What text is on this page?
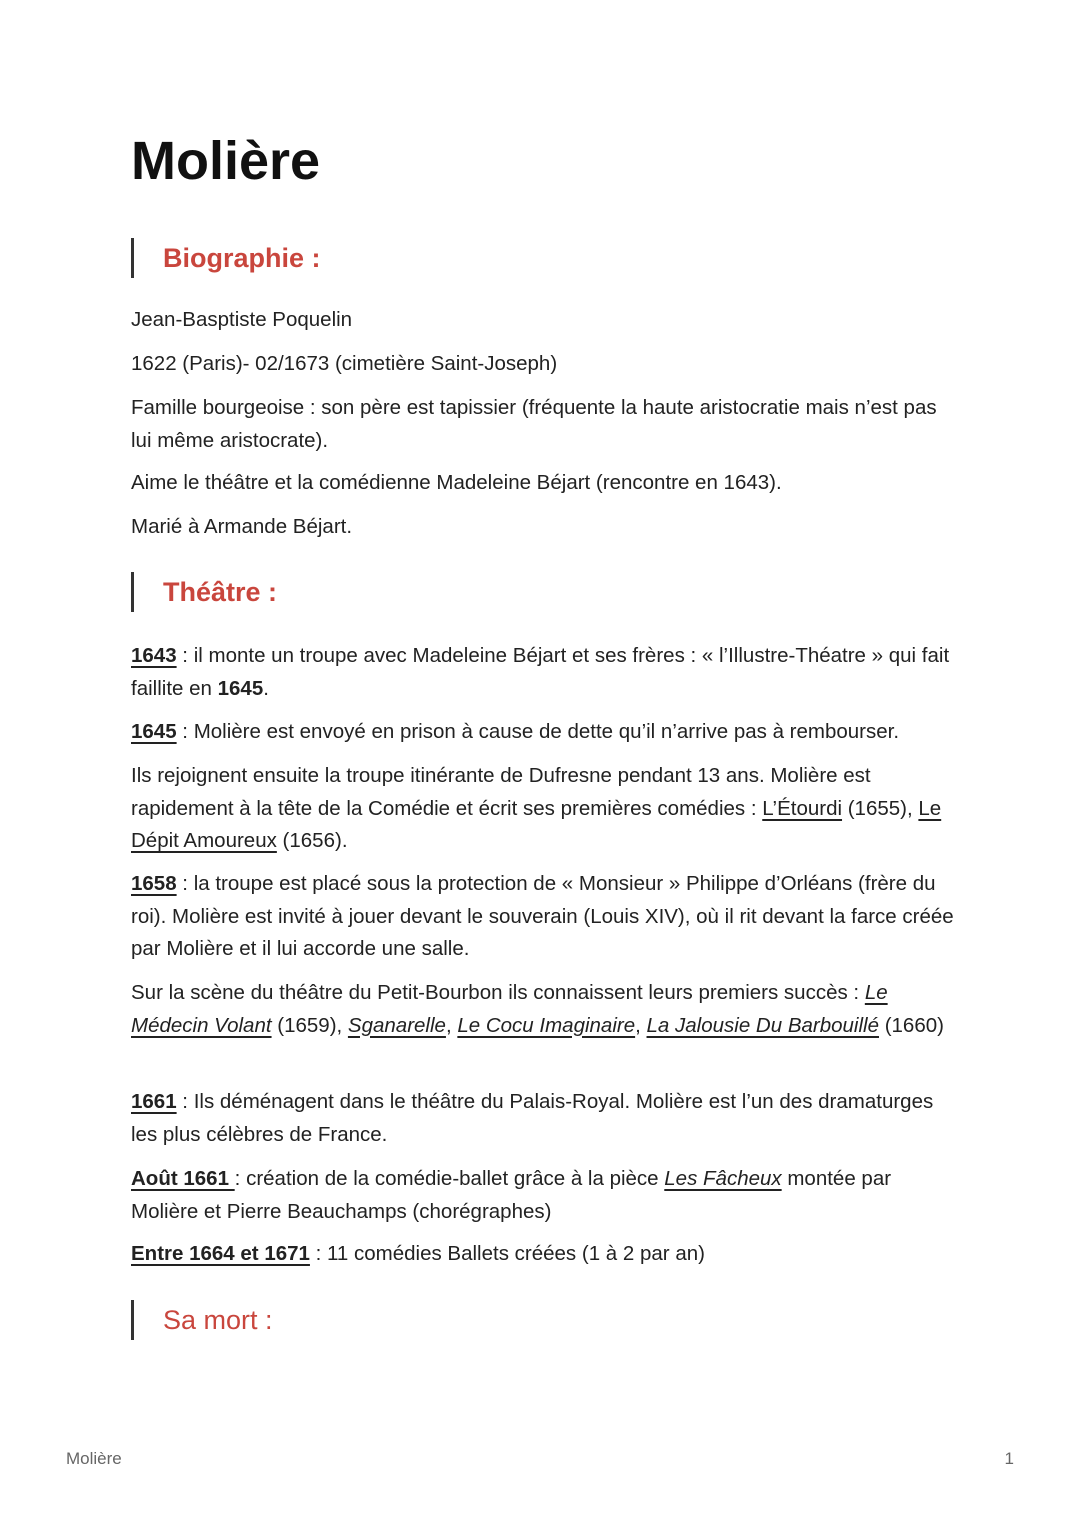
Molière
Biographie :

Jean-Basptiste Poquelin

1622 (Paris)- 02/1673 (cimetière Saint-Joseph)

Famille bourgeoise : son père est tapissier (fréquente la haute aristocratie mais n’est pas lui même aristocrate).

Aime le théâtre et la comédienne Madeleine Béjart (rencontre en 1643).

Marié à Armande Béjart.

Théâtre :

1643 : il monte un troupe avec Madeleine Béjart et ses frères : « l’Illustre-Théatre » qui fait faillite en 1645.

1645 : Molière est envoyé en prison à cause de dette qu’il n’arrive pas à rembourser.

Ils rejoignent ensuite la troupe itinérante de Dufresne pendant 13 ans. Molière est rapidement à la tête de la Comédie et écrit ses premières comédies : L’Étourdi (1655), Le Dépit Amoureux (1656).

1658 : la troupe est placé sous la protection de « Monsieur » Philippe d’Orléans (frère du roi). Molière est invité à jouer devant le souverain (Louis XIV), où il rit devant la farce créée par Molière et il lui accorde une salle.

Sur la scène du théâtre du Petit-Bourbon ils connaissent leurs premiers succès : Le Médecin Volant (1659), Sganarelle, Le Cocu Imaginaire, La Jalousie Du Barbouillé (1660)

1661 : Ils déménagent dans le théâtre du Palais-Royal. Molière est l’un des dramaturges les plus célèbres de France.

Août 1661 : création de la comédie-ballet grâce à la pièce Les Fâcheux montée par Molière et Pierre Beauchamps (chorégraphes)

Entre 1664 et 1671 : 11 comédies Ballets créées (1 à 2 par an)

Sa mort :
Molière	1
